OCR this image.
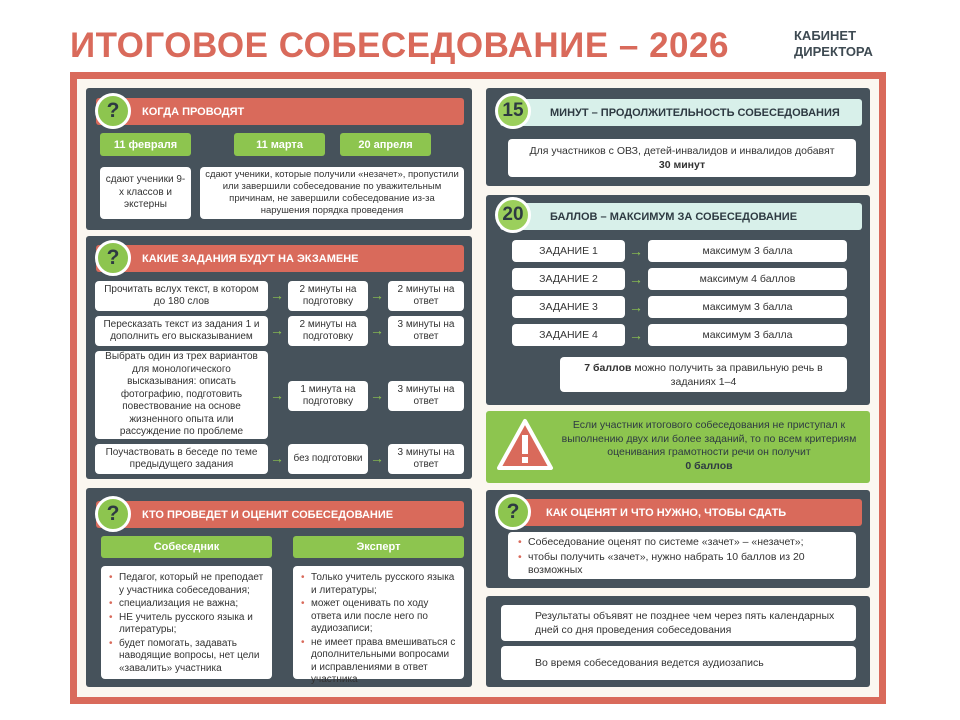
ИТОГОВОЕ СОБЕСЕДОВАНИЕ – 2026	КАБИНЕТ
ДИРЕКТОРА
КОГДА ПРОВОДЯТ
?
11 февраля	11 марта	20 апреля
сдают ученики 9-х классов и экстерны
сдают ученики, которые получили «незачет», пропустили или завершили собеседование по уважительным причинам, не завершили собеседование из-за нарушения порядка проведения
КАКИЕ ЗАДАНИЯ БУДУТ НА ЭКЗАМЕНЕ
?
Прочитать вслух текст, в котором до 180 слов	→	2 минуты на подготовку	→	2 минуты на ответ
Пересказать текст из задания 1 и дополнить его высказыванием	→	2 минуты на подготовку	→	3 минуты на ответ
Выбрать один из трех вариантов для монологического высказывания: описать фотографию, подготовить повествование на основе жизненного опыта или рассуждение по проблеме
→	1 минута на подготовку	→	3 минуты на ответ
Поучаствовать в беседе по теме предыдущего задания	→ без подготовки →	3 минуты на ответ
КТО ПРОВЕДЕТ И ОЦЕНИТ СОБЕСЕДОВАНИЕ
?
Собеседник	Эксперт
• Педагог, который не преподает у участника собеседования;
• специализация не важна;
• НЕ учитель русского языка и литературы;
• будет помогать, задавать наводящие вопросы, нет цели «завалить» участника
• Только учитель русского языка и литературы;
• может оценивать по ходу ответа или после него по аудиозаписи;
• не имеет права вмешиваться с дополнительными вопросами и исправлениями в ответ участника
МИНУТ – ПРОДОЛЖИТЕЛЬНОСТЬ СОБЕСЕДОВАНИЯ
15
Для участников с ОВЗ, детей-инвалидов и инвалидов добавят
30 минут
БАЛЛОВ – МАКСИМУМ ЗА СОБЕСЕДОВАНИЕ
20
ЗАДАНИЕ 1	→	максимум 3 балла
ЗАДАНИЕ 2	→	максимум 4 баллов
ЗАДАНИЕ 3	→	максимум 3 балла
ЗАДАНИЕ 4	→	максимум 3 балла
7 баллов можно получить за правильную речь в заданиях 1–4
Если участник итогового собеседования не приступал к выполнению двух или более заданий, то по всем критериям оценивания грамотности речи он получит
0 баллов
КАК ОЦЕНЯТ И ЧТО НУЖНО, ЧТОБЫ СДАТЬ
?
• Собеседование оценят по системе «зачет» – «незачет»;
• чтобы получить «зачет», нужно набрать 10 баллов из 20 возможных
Результаты объявят не позднее чем через пять календарных дней со дня проведения собеседования
Во время собеседования ведется аудиозапись
